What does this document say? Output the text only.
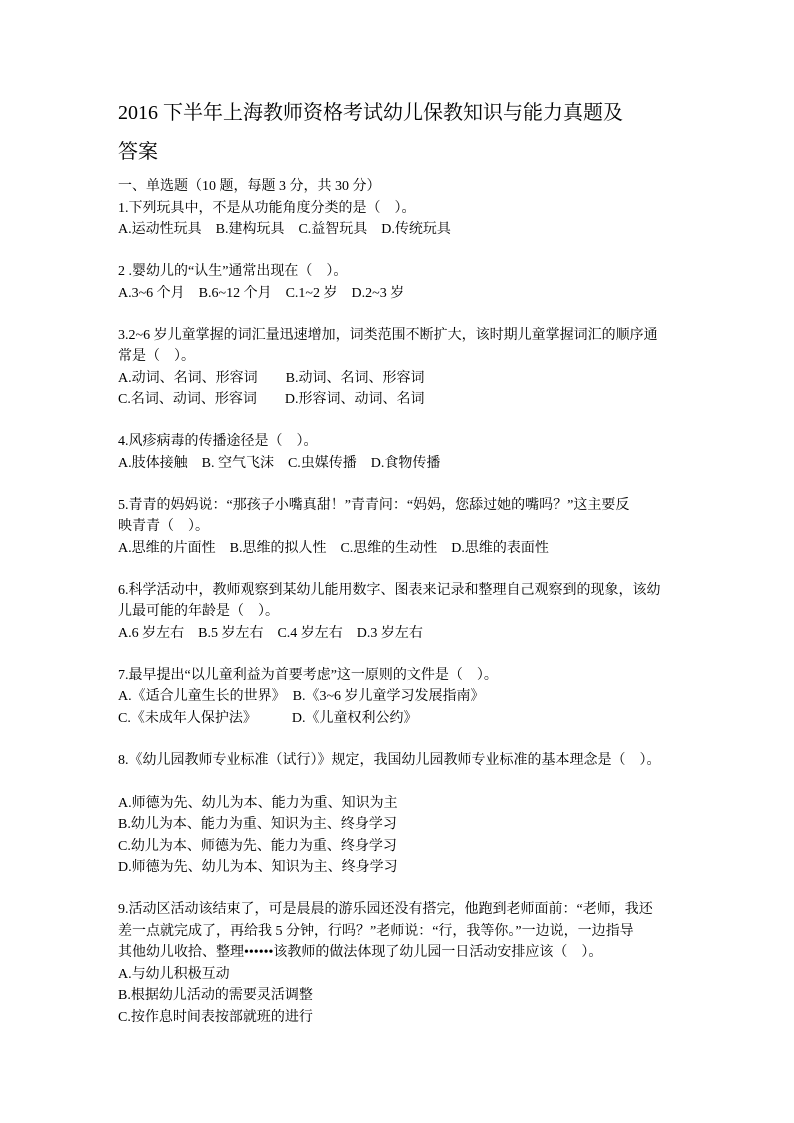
2016 下半年上海教师资格考试幼儿保教知识与能力真题及
答案
一、单选题（10 题，每题 3 分，共 30 分）
1.下列玩具中，不是从功能角度分类的是（　）。
A.运动性玩具　B.建构玩具　C.益智玩具　D.传统玩具
2 .婴幼儿的“认生”通常出现在（　）。
A.3~6 个月　B.6~12 个月　C.1~2 岁　D.2~3 岁
3.2~6 岁儿童掌握的词汇量迅速增加，词类范围不断扩大，该时期儿童掌握词汇的顺序通
常是（　）。
A.动词、名词、形容词　　B.动词、名词、形容词
C.名词、动词、形容词　　D.形容词、动词、名词
4.风疹病毒的传播途径是（　）。
A.肢体接触　B. 空气飞沫　C.虫媒传播　D.食物传播
5.青青的妈妈说：“那孩子小嘴真甜！”青青问：“妈妈，您舔过她的嘴吗？”这主要反
映青青（　）。
A.思维的片面性　B.思维的拟人性　C.思维的生动性　D.思维的表面性
6.科学活动中，教师观察到某幼儿能用数字、图表来记录和整理自己观察到的现象，该幼
儿最可能的年龄是（　）。
A.6 岁左右　B.5 岁左右　C.4 岁左右　D.3 岁左右
7.最早提出“以儿童利益为首要考虑”这一原则的文件是（　）。
A.《适合儿童生长的世界》　B.《3~6 岁儿童学习发展指南》
C.《未成年人保护法》　　　D.《儿童权利公约》
8.《幼儿园教师专业标准（试行）》规定，我国幼儿园教师专业标准的基本理念是（　）。
A.师德为先、幼儿为本、能力为重、知识为主
B.幼儿为本、能力为重、知识为主、终身学习
C.幼儿为本、师德为先、能力为重、终身学习
D.师德为先、幼儿为本、知识为主、终身学习
9.活动区活动该结束了，可是晨晨的游乐园还没有搭完，他跑到老师面前：“老师，我还
差一点就完成了，再给我 5 分钟，行吗？”老师说：“行，我等你。”一边说，一边指导
其他幼儿收拾、整理••••••该教师的做法体现了幼儿园一日活动安排应该（　）。
A.与幼儿积极互动
B.根据幼儿活动的需要灵活调整
C.按作息时间表按部就班的进行
